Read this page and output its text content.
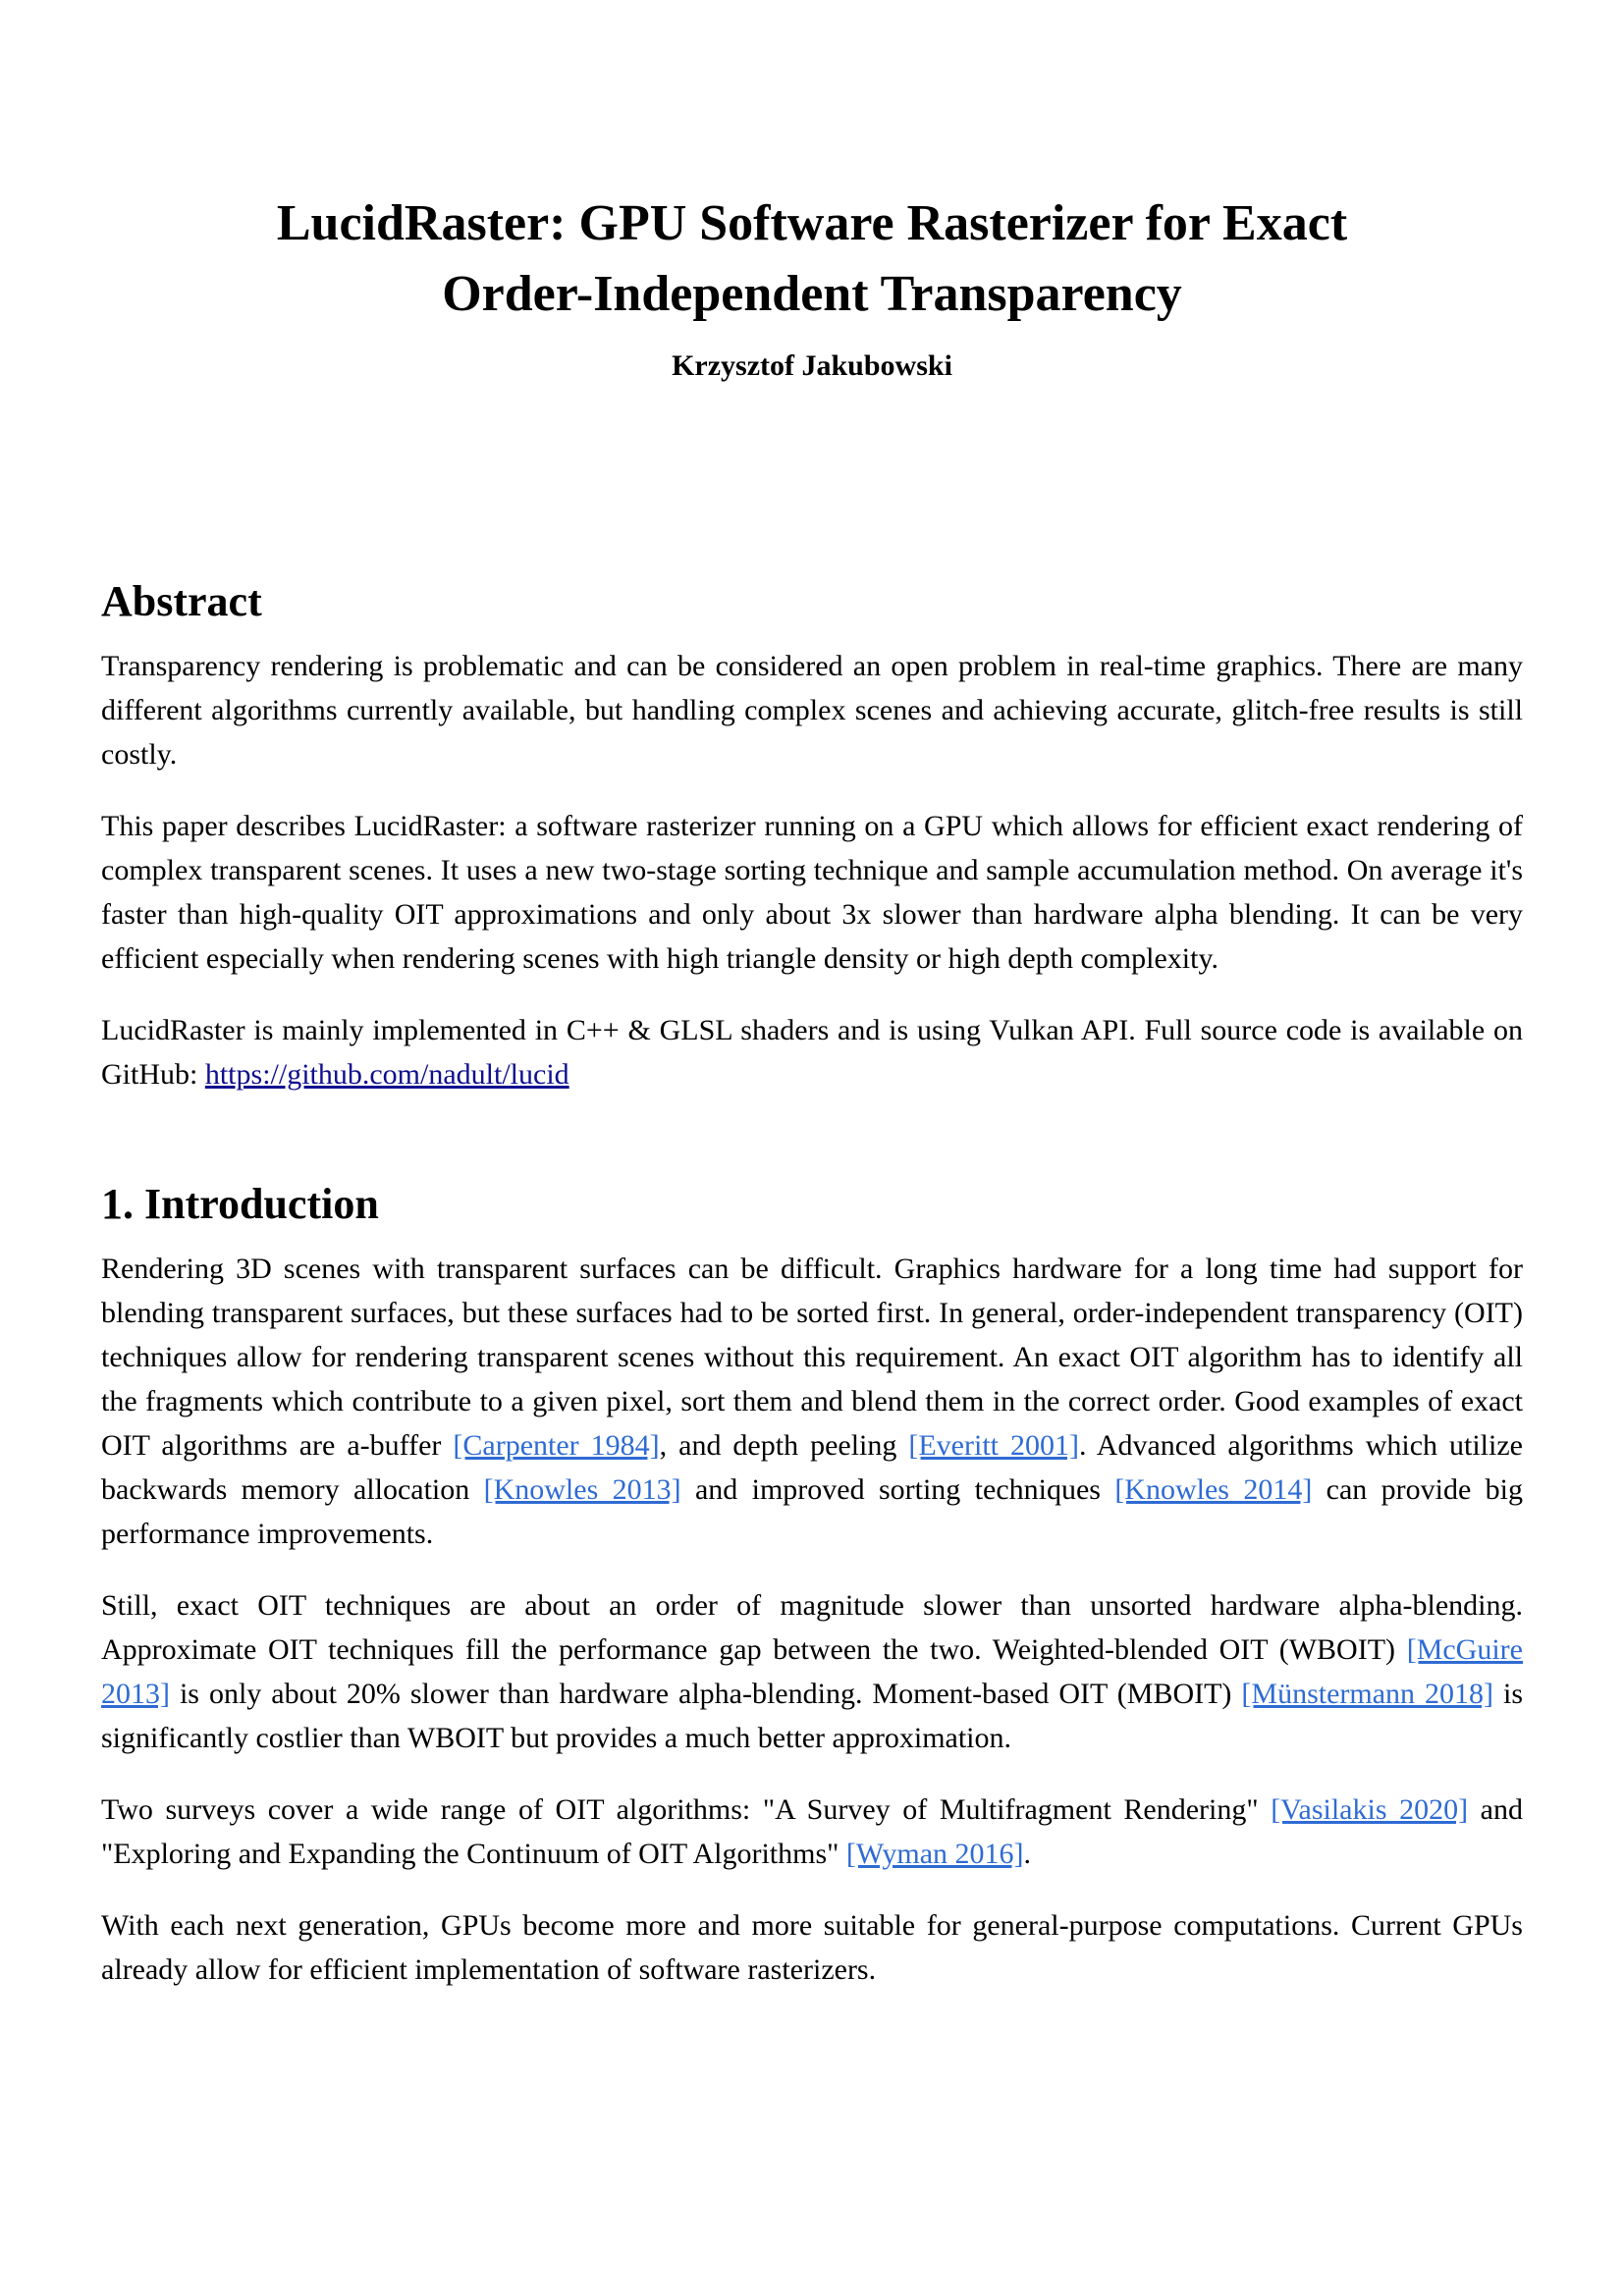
LucidRaster: GPU Software Rasterizer for Exact
Order-Independent Transparency
Krzysztof Jakubowski
Abstract

Transparency rendering is problematic and can be considered an open problem in real-time graphics. There are many different algorithms currently available, but handling complex scenes and achieving accurate, glitch-free results is still costly.

This paper describes LucidRaster: a software rasterizer running on a GPU which allows for efficient exact rendering of complex transparent scenes. It uses a new two-stage sorting technique and sample accumulation method. On average it's faster than high-quality OIT approximations and only about 3x slower than hardware alpha blending. It can be very efficient especially when rendering scenes with high triangle density or high depth complexity.

LucidRaster is mainly implemented in C++ & GLSL shaders and is using Vulkan API. Full source code is available on GitHub: https://github.com/nadult/lucid

1. Introduction

Rendering 3D scenes with transparent surfaces can be difficult. Graphics hardware for a long time had support for blending transparent surfaces, but these surfaces had to be sorted first. In general, order-independent transparency (OIT) techniques allow for rendering transparent scenes without this requirement. An exact OIT algorithm has to identify all the fragments which contribute to a given pixel, sort them and blend them in the correct order. Good examples of exact OIT algorithms are a-buffer [Carpenter 1984], and depth peeling [Everitt 2001]. Advanced algorithms which utilize backwards memory allocation [Knowles 2013] and improved sorting techniques [Knowles 2014] can provide big performance improvements.

Still, exact OIT techniques are about an order of magnitude slower than unsorted hardware alpha-blending. Approximate OIT techniques fill the performance gap between the two. Weighted-blended OIT (WBOIT) [McGuire 2013] is only about 20% slower than hardware alpha-blending. Moment-based OIT (MBOIT) [Münstermann 2018] is significantly costlier than WBOIT but provides a much better approximation.

Two surveys cover a wide range of OIT algorithms: "A Survey of Multifragment Rendering" [Vasilakis 2020] and "Exploring and Expanding the Continuum of OIT Algorithms" [Wyman 2016].

With each next generation, GPUs become more and more suitable for general-purpose computations. Current GPUs already allow for efficient implementation of software rasterizers.
